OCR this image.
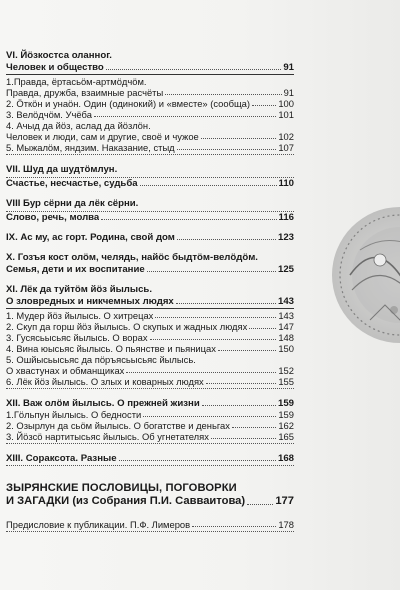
VI. Йöзкостса оланног.
Человек и общество	91
1.Правда, ёртасьöм-артмöдчöм.
Правда, дружба, взаимные расчёты	91
2. Öткöн и унаöн. Один (одинокий) и «вместе» (сообща)	100
3. Велöдчöм. Учёба	101
4. Ачыд да йöз, аслад да йöзлöн.
Человек и люди, сам и другие, своё и чужое	102
5. Мыжалöм, яндзим. Наказание, стыд	107
VII. Шуд да шудтöмлун.
Счастье, несчастье, судьба	110
VIII Бур сёрни да лёк сёрни.
Слово, речь, молва	116
IX. Ас му, ас горт. Родина, свой дом	123
X. Гозъя кост олöм, челядь, найöс быдтöм-велöдöм.
Семья, дети и их воспитание	125
XI. Лёк да туйтöм йöз йылысь.
О зловредных и никчемных людях	143
1. Мудер йöз йылысь. О хитрецах	143
2. Скуп да горш йöз йылысь. О скупых и жадных людях	147
3. Гусясьысьяс йылысь. О ворах	148
4. Вина юысьяс йылысь. О пьянстве и пьяницах	150
5. Ошйысьысьяс да пöръясьысьяс йылысь.
О хвастунах и обманщиках	152
6. Лёк йöз йылысь. О злых и коварных людях	155
XII. Важ олöм йылысь. О прежней жизни	159
1.Гöльпун йылысь. О бедности	159
2. Озырлун да сьöм йылысь. О богатстве и деньгах	162
3. Йöзсö нартитысьяс йылысь. Об угнетателях	165
XIII. Сораксота. Разные	168
ЗЫРЯНСКИЕ ПОСЛОВИЦЫ, ПОГОВОРКИ
И ЗАГАДКИ (из Собрания П.И. Савваитова)	177
Предисловие к публикации. П.Ф. Лимеров	178
